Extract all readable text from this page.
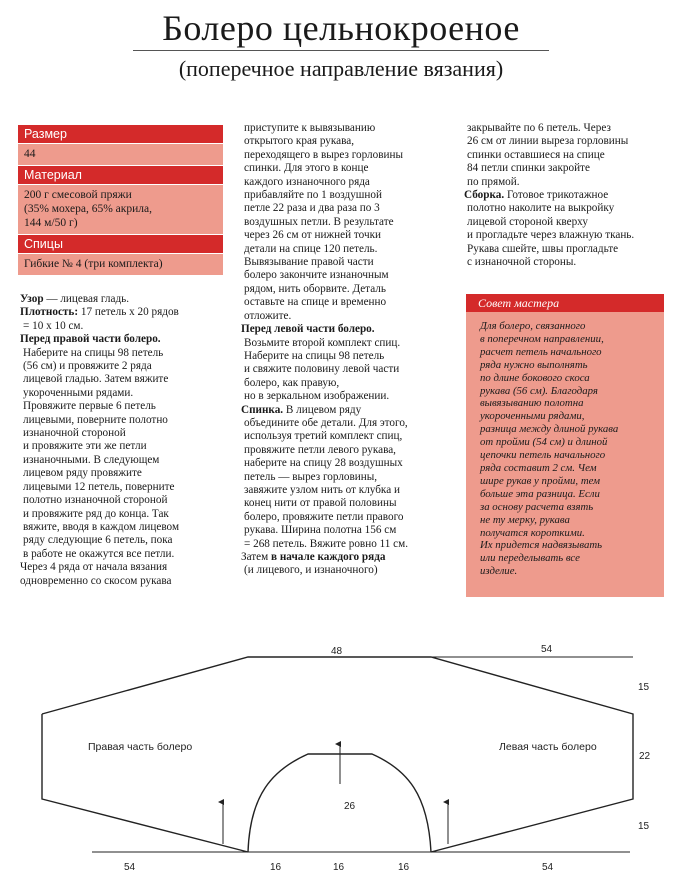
Болеро цельнокроеное
(поперечное направление вязания)
Размер
44
Материал
200 г смесовой пряжи
(35% мохера, 65% акрила,
144 м/50 г)
Спицы
Гибкие № 4 (три комплекта)

Узор — лицевая гладь.

Плотность: 17 петель х 20 рядов

= 10 х 10 см.

Перед правой части болеро.

Наберите на спицы 98 петель

(56 см) и провяжите 2 ряда

лицевой гладью. Затем вяжите

укороченными рядами.

Провяжите первые 6 петель

лицевыми, поверните полотно

изнаночной стороной

и провяжите эти же петли

изнаночными. В следующем

лицевом ряду провяжите

лицевыми 12 петель, поверните

полотно изнаночной стороной

и провяжите ряд до конца. Так

вяжите, вводя в каждом лицевом

ряду следующие 6 петель, пока

в работе не окажутся все петли.

Через 4 ряда от начала вязания

одновременно со скосом рукава

приступите к вывязыванию

открытого края рукава,

переходящего в вырез горловины

спинки. Для этого в конце

каждого изнаночного ряда

прибавляйте по 1 воздушной

петле 22 раза и два раза по 3

воздушных петли. В результате

через 26 см от нижней точки

детали на спице 120 петель.

Вывязывание правой части

болеро закончите изнаночным

рядом, нить оборвите. Деталь

оставьте на спице и временно

отложите.

Перед левой части болеро.

Возьмите второй комплект спиц.

Наберите на спицы 98 петель

и свяжите половину левой части

болеро, как правую,

но в зеркальном изображении.

Спинка. В лицевом ряду

объедините обе детали. Для этого,

используя третий комплект спиц,

провяжите петли левого рукава,

наберите на спицу 28 воздушных

петель — вырез горловины,

завяжите узлом нить от клубка и

конец нити от правой половины

болеро, провяжите петли правого

рукава. Ширина полотна 156 см

= 268 петель. Вяжите ровно 11 см.

Затем в начале каждого ряда

(и лицевого, и изнаночного)

закрывайте по 6 петель. Через

26 см от линии выреза горловины

спинки оставшиеся на спице

84 петли спинки закройте

по прямой.

Сборка. Готовое трикотажное

полотно наколите на выкройку

лицевой стороной кверху

и прогладьте через влажную ткань.

Рукава сшейте, швы прогладьте

с изнаночной стороны.

Совет мастера
Для болеро, связанного
в поперечном направлении,
расчет петель начального
ряда нужно выполнять
по длине бокового скоса
рукава (56 см). Благодаря
вывязыванию полотна
укороченными рядами,
разница между длиной рукава
от пройми (54 см) и длиной
цепочки петель начального
ряда составит 2 см. Чем
шире рукав у пройми, тем
больше эта разница. Если
за основу расчета взять
не ту мерку, рукава
получатся короткими.
Их придется надвязывать
или переделывать все
изделие.
Правая часть болеро	Левая часть болеро
48	54
15
22
15
26
54	16	16	16	54
